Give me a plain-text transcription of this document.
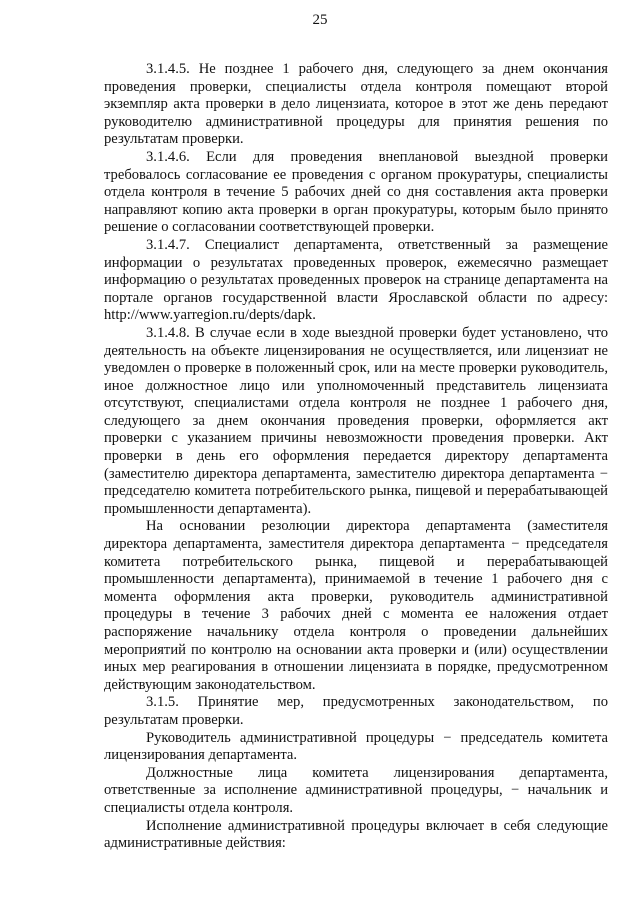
25

3.1.4.5. Не позднее 1 рабочего дня, следующего за днем окончания проведения проверки, специалисты отдела контроля помещают второй экземпляр акта проверки в дело лицензиата, которое в этот же день передают руководителю административной процедуры для принятия решения по результатам проверки.

3.1.4.6. Если для проведения внеплановой выездной проверки требовалось согласование ее проведения с органом прокуратуры, специалисты отдела контроля в течение 5 рабочих дней со дня составления акта проверки направляют копию акта проверки в орган прокуратуры, которым было принято решение о согласовании соответствующей проверки.

3.1.4.7. Специалист департамента, ответственный за размещение информации о результатах проведенных проверок, ежемесячно размещает информацию о результатах проведенных проверок на странице департамента на портале органов государственной власти Ярославской области по адресу: http://www.yarregion.ru/depts/dapk.

3.1.4.8. В случае если в ходе выездной проверки будет установлено, что деятельность на объекте лицензирования не осуществляется, или лицензиат не уведомлен о проверке в положенный срок, или на месте проверки руководитель, иное должностное лицо или уполномоченный представитель лицензиата отсутствуют, специалистами отдела контроля не позднее 1 рабочего дня, следующего за днем окончания проведения проверки, оформляется акт проверки с указанием причины невозможности проведения проверки. Акт проверки в день его оформления передается директору департамента (заместителю директора департамента, заместителю директора департамента − председателю комитета потребительского рынка, пищевой и перерабатывающей промышленности департамента).

На основании резолюции директора департамента (заместителя директора департамента, заместителя директора департамента − председателя комитета потребительского рынка, пищевой и перерабатывающей промышленности департамента), принимаемой в течение 1 рабочего дня с момента оформления акта проверки, руководитель административной процедуры в течение 3 рабочих дней с момента ее наложения отдает распоряжение начальнику отдела контроля о проведении дальнейших мероприятий по контролю на основании акта проверки и (или) осуществлении иных мер реагирования в отношении лицензиата в порядке, предусмотренном действующим законодательством.

3.1.5. Принятие мер, предусмотренных законодательством, по результатам проверки.

Руководитель административной процедуры − председатель комитета лицензирования департамента.

Должностные лица комитета лицензирования департамента, ответственные за исполнение административной процедуры, − начальник и специалисты отдела контроля.

Исполнение административной процедуры включает в себя следующие административные действия:
